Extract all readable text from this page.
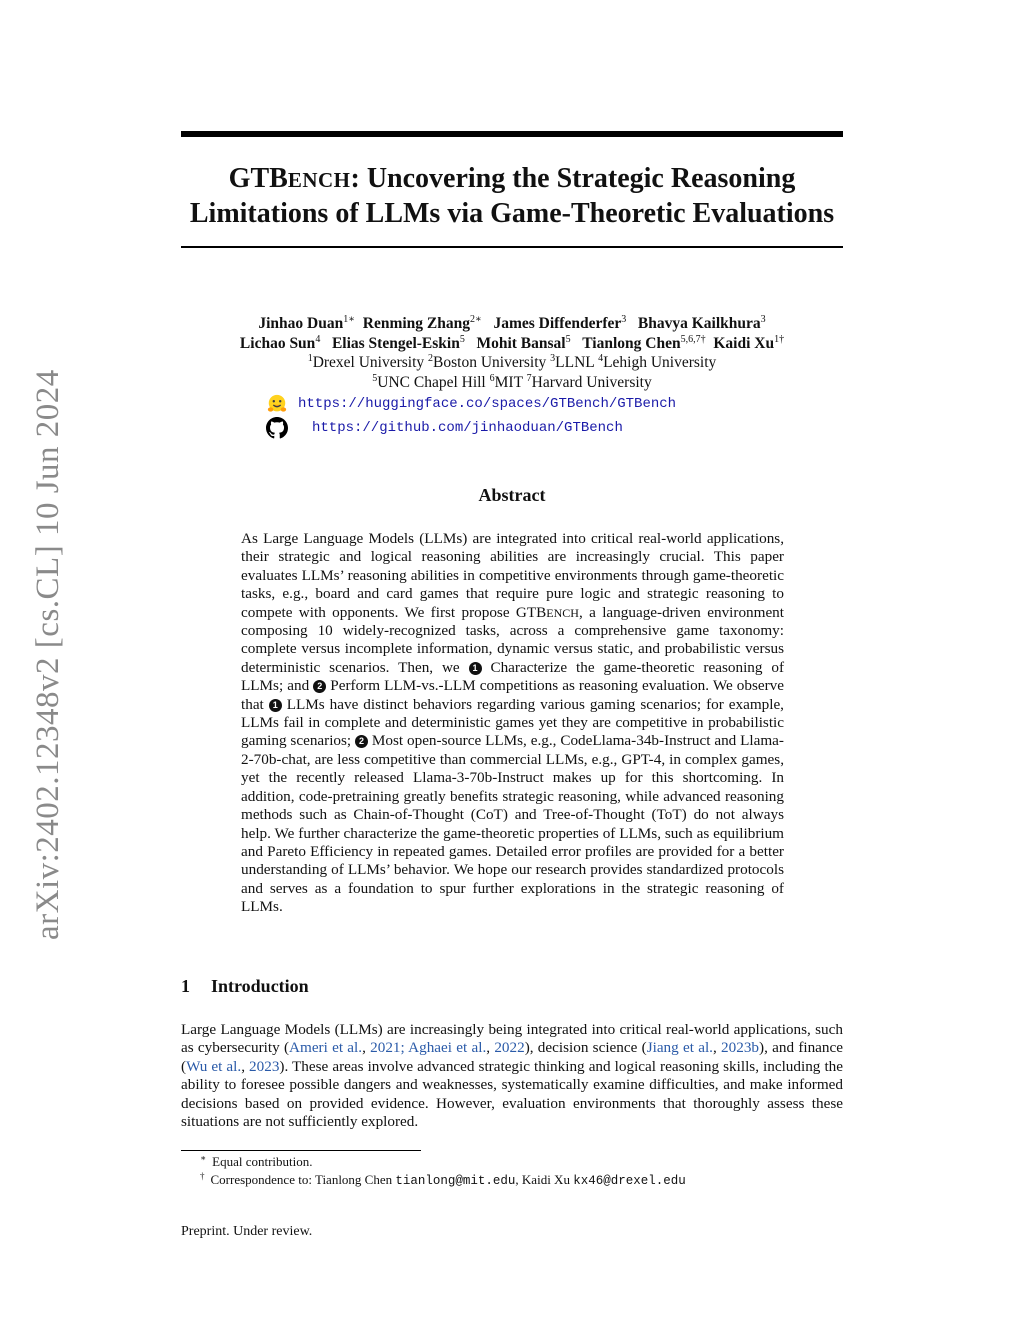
arXiv:2402.12348v2 [cs.CL] 10 Jun 2024
GTBENCH: Uncovering the Strategic Reasoning
Limitations of LLMs via Game-Theoretic Evaluations
Jinhao Duan$^{1∗}$ Renming Zhang$^{2∗}$ James Diffenderfer$^3$ Bhavya Kailkhura$^3$
Lichao Sun$^4$ Elias Stengel-Eskin$^5$ Mohit Bansal$^5$ Tianlong Chen$^{5,6,7\dagger}$ Kaidi $Xu^{1\dagger}$
$^1$Drexel University $^2$Boston University $^3$LLNL $^4$Lehigh University
$^5$UNC Chapel Hill $^6$MIT $^7$Harvard University
https://huggingface.co/spaces/GTBench/GTBench
https://github.com/jinhaoduan/GTBench
Abstract
As Large Language Models (LLMs) are integrated into critical real-world applications, their strategic and logical reasoning abilities are increasingly crucial. This paper evaluates LLMs’ reasoning abilities in competitive environments through game-theoretic tasks, e.g., board and card games that require pure logic and strategic reasoning to compete with opponents. We first propose GTBENCH, a language-driven environment composing 10 widely-recognized tasks, across a comprehensive game taxonomy: complete versus incomplete information, dynamic versus static, and probabilistic versus deterministic scenarios. Then, we 1 Characterize the game-theoretic reasoning of LLMs; and 2 Perform LLM-vs.-LLM competitions as reasoning evaluation. We observe that 1 LLMs have distinct behaviors regarding various gaming scenarios; for example, LLMs fail in complete and deterministic games yet they are competitive in probabilistic gaming scenarios; 2 Most open-source LLMs, e.g., CodeLlama-34b-Instruct and Llama-2-70b-chat, are less competitive than commercial LLMs, e.g., GPT-4, in complex games, yet the recently released Llama-3-70b-Instruct makes up for this shortcoming. In addition, code-pretraining greatly benefits strategic reasoning, while advanced reasoning methods such as Chain-of-Thought (CoT) and Tree-of-Thought (ToT) do not always help. We further characterize the game-theoretic properties of LLMs, such as equilibrium and Pareto Efficiency in repeated games. Detailed error profiles are provided for a better understanding of LLMs’ behavior. We hope our research provides standardized protocols and serves as a foundation to spur further explorations in the strategic reasoning of LLMs.
1 Introduction
Large Language Models (LLMs) are increasingly being integrated into critical real-world applications, such as cybersecurity (Ameri et al., 2021; Aghaei et al., 2022), decision science (Jiang et al., 2023b), and finance (Wu et al., 2023). These areas involve advanced strategic thinking and logical reasoning skills, including the ability to foresee possible dangers and weaknesses, systematically examine difficulties, and make informed decisions based on provided evidence. However, evaluation environments that thoroughly assess these situations are not sufficiently explored.
∗ Equal contribution.
† Correspondence to: Tianlong Chen tianlong@mit.edu, Kaidi Xu kx46@drexel.edu
Preprint. Under review.
